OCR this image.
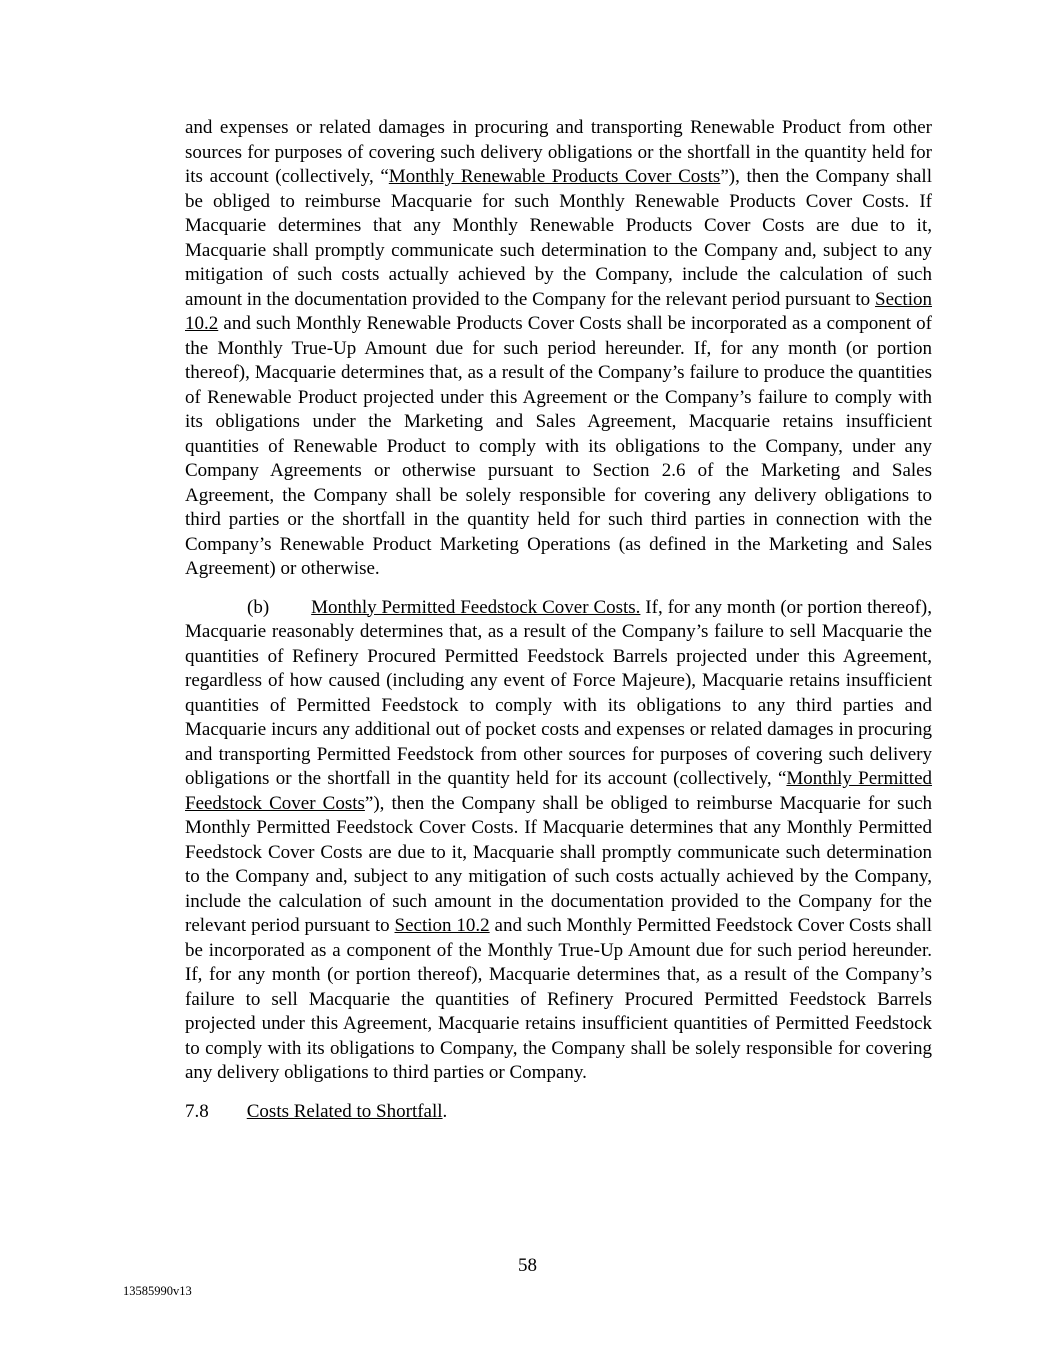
and expenses or related damages in procuring and transporting Renewable Product from other sources for purposes of covering such delivery obligations or the shortfall in the quantity held for its account (collectively, “Monthly Renewable Products Cover Costs”), then the Company shall be obliged to reimburse Macquarie for such Monthly Renewable Products Cover Costs. If Macquarie determines that any Monthly Renewable Products Cover Costs are due to it, Macquarie shall promptly communicate such determination to the Company and, subject to any mitigation of such costs actually achieved by the Company, include the calculation of such amount in the documentation provided to the Company for the relevant period pursuant to Section 10.2 and such Monthly Renewable Products Cover Costs shall be incorporated as a component of the Monthly True-Up Amount due for such period hereunder. If, for any month (or portion thereof), Macquarie determines that, as a result of the Company’s failure to produce the quantities of Renewable Product projected under this Agreement or the Company’s failure to comply with its obligations under the Marketing and Sales Agreement, Macquarie retains insufficient quantities of Renewable Product to comply with its obligations to the Company, under any Company Agreements or otherwise pursuant to Section 2.6 of the Marketing and Sales Agreement, the Company shall be solely responsible for covering any delivery obligations to third parties or the shortfall in the quantity held for such third parties in connection with the Company’s Renewable Product Marketing Operations (as defined in the Marketing and Sales Agreement) or otherwise.

(b) Monthly Permitted Feedstock Cover Costs. If, for any month (or portion thereof), Macquarie reasonably determines that, as a result of the Company’s failure to sell Macquarie the quantities of Refinery Procured Permitted Feedstock Barrels projected under this Agreement, regardless of how caused (including any event of Force Majeure), Macquarie retains insufficient quantities of Permitted Feedstock to comply with its obligations to any third parties and Macquarie incurs any additional out of pocket costs and expenses or related damages in procuring and transporting Permitted Feedstock from other sources for purposes of covering such delivery obligations or the shortfall in the quantity held for its account (collectively, “Monthly Permitted Feedstock Cover Costs”), then the Company shall be obliged to reimburse Macquarie for such Monthly Permitted Feedstock Cover Costs. If Macquarie determines that any Monthly Permitted Feedstock Cover Costs are due to it, Macquarie shall promptly communicate such determination to the Company and, subject to any mitigation of such costs actually achieved by the Company, include the calculation of such amount in the documentation provided to the Company for the relevant period pursuant to Section 10.2 and such Monthly Permitted Feedstock Cover Costs shall be incorporated as a component of the Monthly True-Up Amount due for such period hereunder. If, for any month (or portion thereof), Macquarie determines that, as a result of the Company’s failure to sell Macquarie the quantities of Refinery Procured Permitted Feedstock Barrels projected under this Agreement, Macquarie retains insufficient quantities of Permitted Feedstock to comply with its obligations to Company, the Company shall be solely responsible for covering any delivery obligations to third parties or Company.

7.8 Costs Related to Shortfall.

58
13585990v13
